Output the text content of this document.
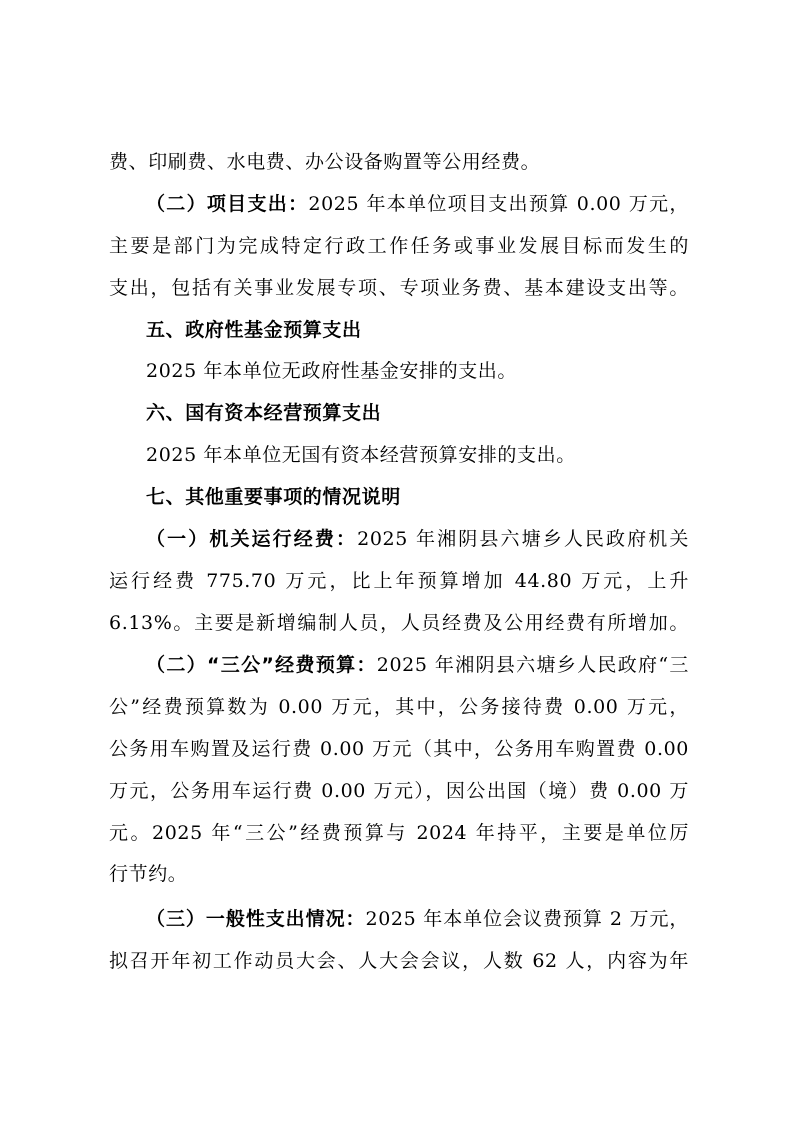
费、印刷费、水电费、办公设备购置等公用经费。
（二）项目支出：2025 年本单位项目支出预算 0.00 万元，
主要是部门为完成特定行政工作任务或事业发展目标而发生的
支出，包括有关事业发展专项、专项业务费、基本建设支出等。
五、政府性基金预算支出
2025 年本单位无政府性基金安排的支出。
六、国有资本经营预算支出
2025 年本单位无国有资本经营预算安排的支出。
七、其他重要事项的情况说明
（一）机关运行经费：2025 年湘阴县六塘乡人民政府机关
运行经费 775.70 万元，比上年预算增加 44.80 万元，上升
6.13%。主要是新增编制人员，人员经费及公用经费有所增加。
（二）“三公”经费预算：2025 年湘阴县六塘乡人民政府“三
公”经费预算数为 0.00 万元，其中，公务接待费 0.00 万元，
公务用车购置及运行费 0.00 万元（其中，公务用车购置费 0.00
万元，公务用车运行费 0.00 万元），因公出国（境）费 0.00 万
元。2025 年“三公”经费预算与 2024 年持平，主要是单位厉
行节约。
（三）一般性支出情况：2025 年本单位会议费预算 2 万元，
拟召开年初工作动员大会、人大会会议，人数 62 人，内容为年
